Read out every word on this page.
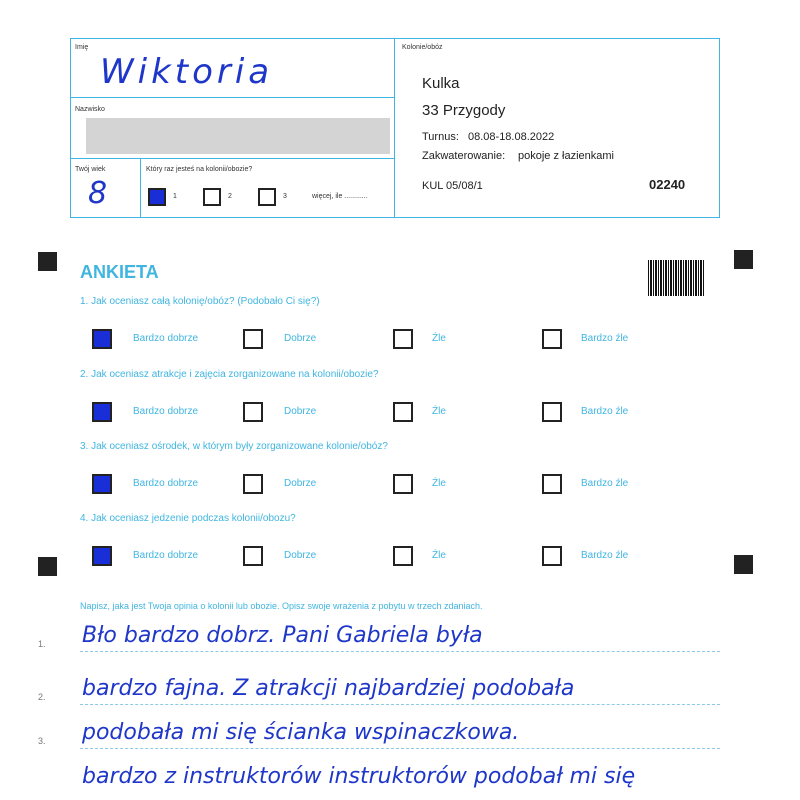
Imię
Wiktoria
Nazwisko
Twój wiek
8
Który raz jesteś na kolonii/obozie?
1	2	3	więcej, ile ............
Kolonie/obóz
Kulka
33 Przygody
Turnus: 08.08-18.08.2022
Zakwaterowanie: pokoje z łazienkami
KUL 05/08/1	02240
ANKIETA
1. Jak oceniasz całą kolonię/obóz? (Podobało Ci się?)
Bardzo dobrze	Dobrze	Źle	Bardzo źle
2. Jak oceniasz atrakcje i zajęcia zorganizowane na kolonii/obozie?
Bardzo dobrze	Dobrze	Źle	Bardzo źle
3. Jak oceniasz ośrodek, w którym były zorganizowane kolonie/obóz?
Bardzo dobrze	Dobrze	Źle	Bardzo źle
4. Jak oceniasz jedzenie podczas kolonii/obozu?
Bardzo dobrze	Dobrze	Źle	Bardzo źle
Napisz, jaka jest Twoja opinia o kolonii lub obozie. Opisz swoje wrażenia z pobytu w trzech zdaniach.
1. Bło bardzo dobrz. Pani Gabriela była
2. bardzo fajna. Z atrakcji najbardziej podobała
3. podobała mi się ścianka wspinaczkowa.
bardzo z instruktorów instruktorów podobał mi się
